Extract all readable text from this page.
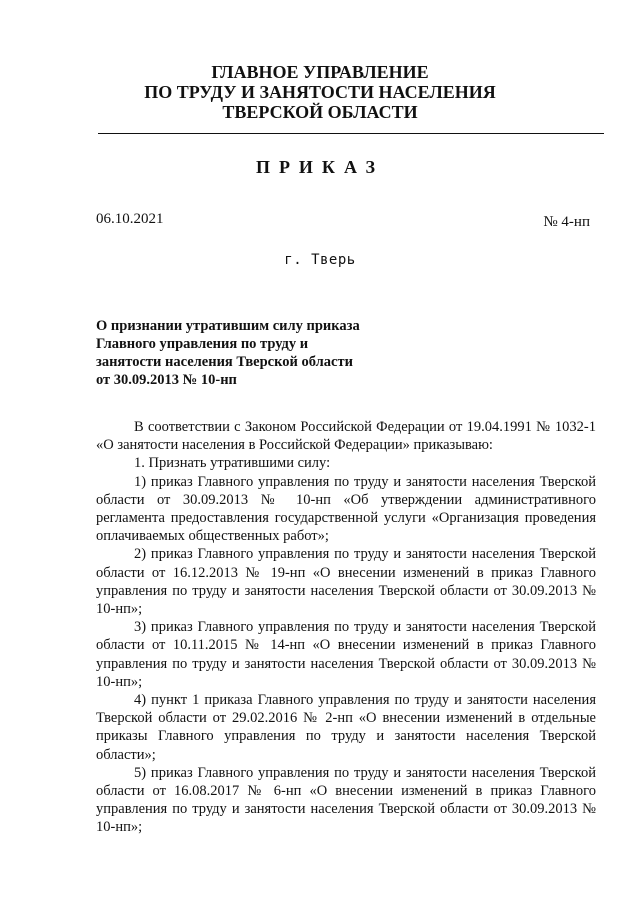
ГЛАВНОЕ УПРАВЛЕНИЕ
ПО ТРУДУ И ЗАНЯТОСТИ НАСЕЛЕНИЯ
ТВЕРСКОЙ ОБЛАСТИ
ПРИКАЗ
06.10.2021	№ 4-нп
г. Тверь
О признании утратившим силу приказа
Главного управления по труду и
занятости населения Тверской области
от 30.09.2013 № 10-нп

В соответствии с Законом Российской Федерации от 19.04.1991 № 1032-1 «О занятости населения в Российской Федерации» приказываю:

1. Признать утратившими силу:

1) приказ Главного управления по труду и занятости населения Тверской области от 30.09.2013 № 10-нп «Об утверждении административного регламента предоставления государственной услуги «Организация проведения оплачиваемых общественных работ»;

2) приказ Главного управления по труду и занятости населения Тверской области от 16.12.2013 № 19-нп «О внесении изменений в приказ Главного управления по труду и занятости населения Тверской области от 30.09.2013 № 10-нп»;

3) приказ Главного управления по труду и занятости населения Тверской области от 10.11.2015 № 14-нп «О внесении изменений в приказ Главного управления по труду и занятости населения Тверской области от 30.09.2013 № 10-нп»;

4) пункт 1 приказа Главного управления по труду и занятости населения Тверской области от 29.02.2016 № 2-нп «О внесении изменений в отдельные приказы Главного управления по труду и занятости населения Тверской области»;

5) приказ Главного управления по труду и занятости населения Тверской области от 16.08.2017 № 6-нп «О внесении изменений в приказ Главного управления по труду и занятости населения Тверской области от 30.09.2013 № 10-нп»;
